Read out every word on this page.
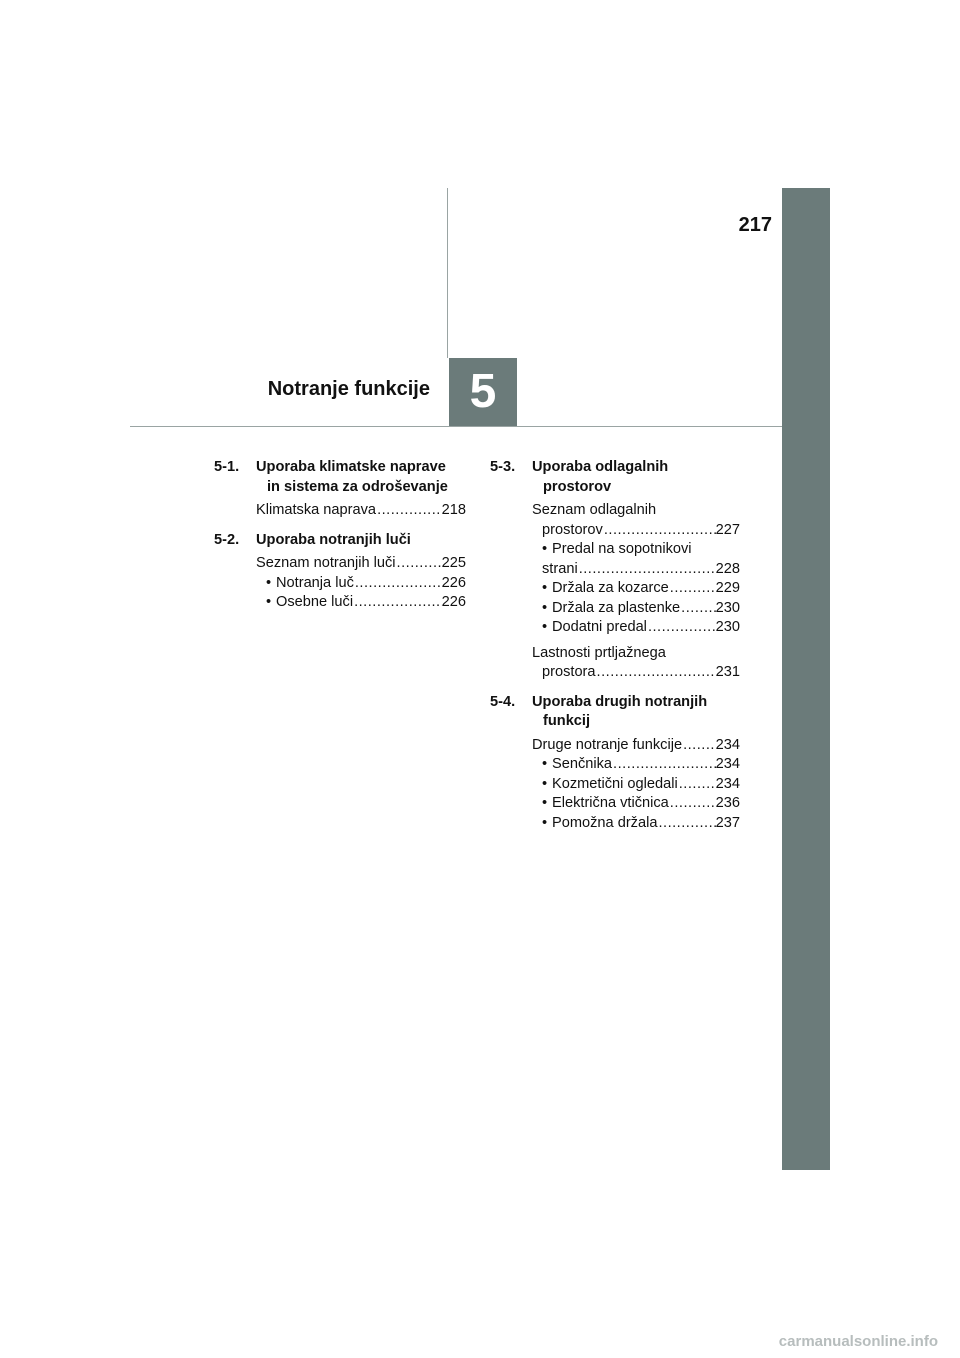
217
Notranje funkcije 5
5-1.	Uporaba klimatske naprave
in sistema za odroševanje
Klimatska naprava .....	218
5-2.	Uporaba notranjih luči
Seznam notranjih luči .....	225
• Notranja luč .....	226
• Osebne luči .....	226
5-3.	Uporaba odlagalnih
prostorov
Seznam odlagalnih
prostorov .....	227
• Predal na sopotnikovi
strani .....	228
• Držala za kozarce .....	229
• Držala za plastenke ..... 230
• Dodatni predal .....	230
Lastnosti prtljažnega
prostora .....	231
5-4.	Uporaba drugih notranjih
funkcij
Druge notranje funkcije ..... 234
• Senčnika .....	234
• Kozmetični ogledali .....	234
• Električna vtičnica .....	236
• Pomožna držala .....	237
carmanualsonline.info
